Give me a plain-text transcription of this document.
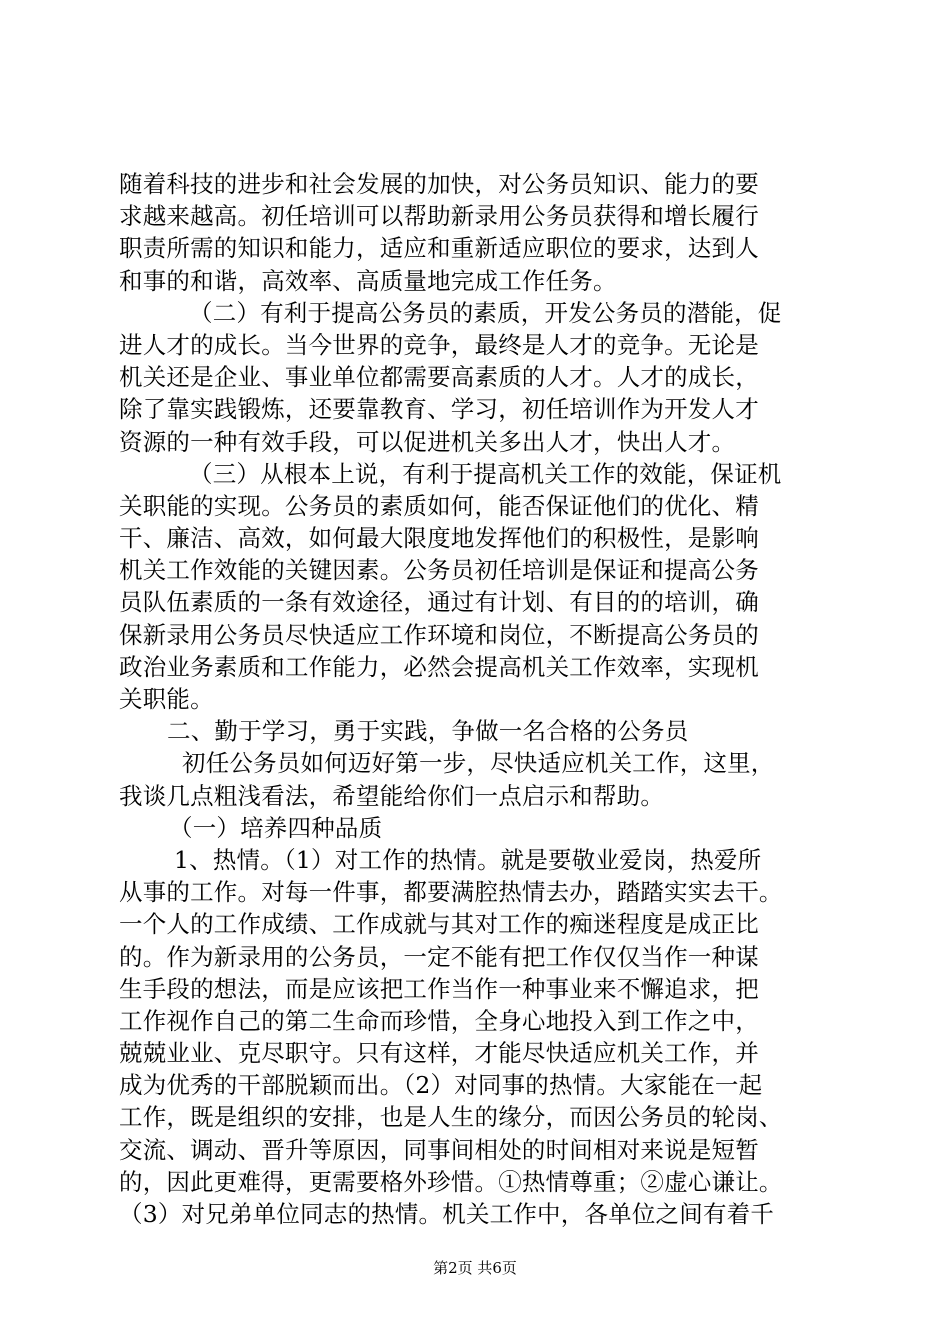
随着科技的进步和社会发展的加快，对公务员知识、能力的要
求越来越高。初任培训可以帮助新录用公务员获得和增长履行
职责所需的知识和能力，适应和重新适应职位的要求，达到人
和事的和谐，高效率、高质量地完成工作任务。
（二）有利于提高公务员的素质，开发公务员的潜能，促
进人才的成长。当今世界的竞争，最终是人才的竞争。无论是
机关还是企业、事业单位都需要高素质的人才。人才的成长，
除了靠实践锻炼，还要靠教育、学习，初任培训作为开发人才
资源的一种有效手段，可以促进机关多出人才，快出人才。
（三）从根本上说，有利于提高机关工作的效能，保证机
关职能的实现。公务员的素质如何，能否保证他们的优化、精
干、廉洁、高效，如何最大限度地发挥他们的积极性，是影响
机关工作效能的关键因素。公务员初任培训是保证和提高公务
员队伍素质的一条有效途径，通过有计划、有目的的培训，确
保新录用公务员尽快适应工作环境和岗位，不断提高公务员的
政治业务素质和工作能力，必然会提高机关工作效率，实现机
关职能。
二、勤于学习，勇于实践，争做一名合格的公务员
初任公务员如何迈好第一步，尽快适应机关工作，这里，
我谈几点粗浅看法，希望能给你们一点启示和帮助。
（一）培养四种品质
1、热情。（1）对工作的热情。就是要敬业爱岗，热爱所
从事的工作。对每一件事，都要满腔热情去办，踏踏实实去干。
一个人的工作成绩、工作成就与其对工作的痴迷程度是成正比
的。作为新录用的公务员，一定不能有把工作仅仅当作一种谋
生手段的想法，而是应该把工作当作一种事业来不懈追求，把
工作视作自己的第二生命而珍惜，全身心地投入到工作之中，
兢兢业业、克尽职守。只有这样，才能尽快适应机关工作，并
成为优秀的干部脱颖而出。（2）对同事的热情。大家能在一起
工作，既是组织的安排，也是人生的缘分，而因公务员的轮岗、
交流、调动、晋升等原因，同事间相处的时间相对来说是短暂
的，因此更难得，更需要格外珍惜。①热情尊重；②虚心谦让。
（3）对兄弟单位同志的热情。机关工作中，各单位之间有着千
第2页 共6页
